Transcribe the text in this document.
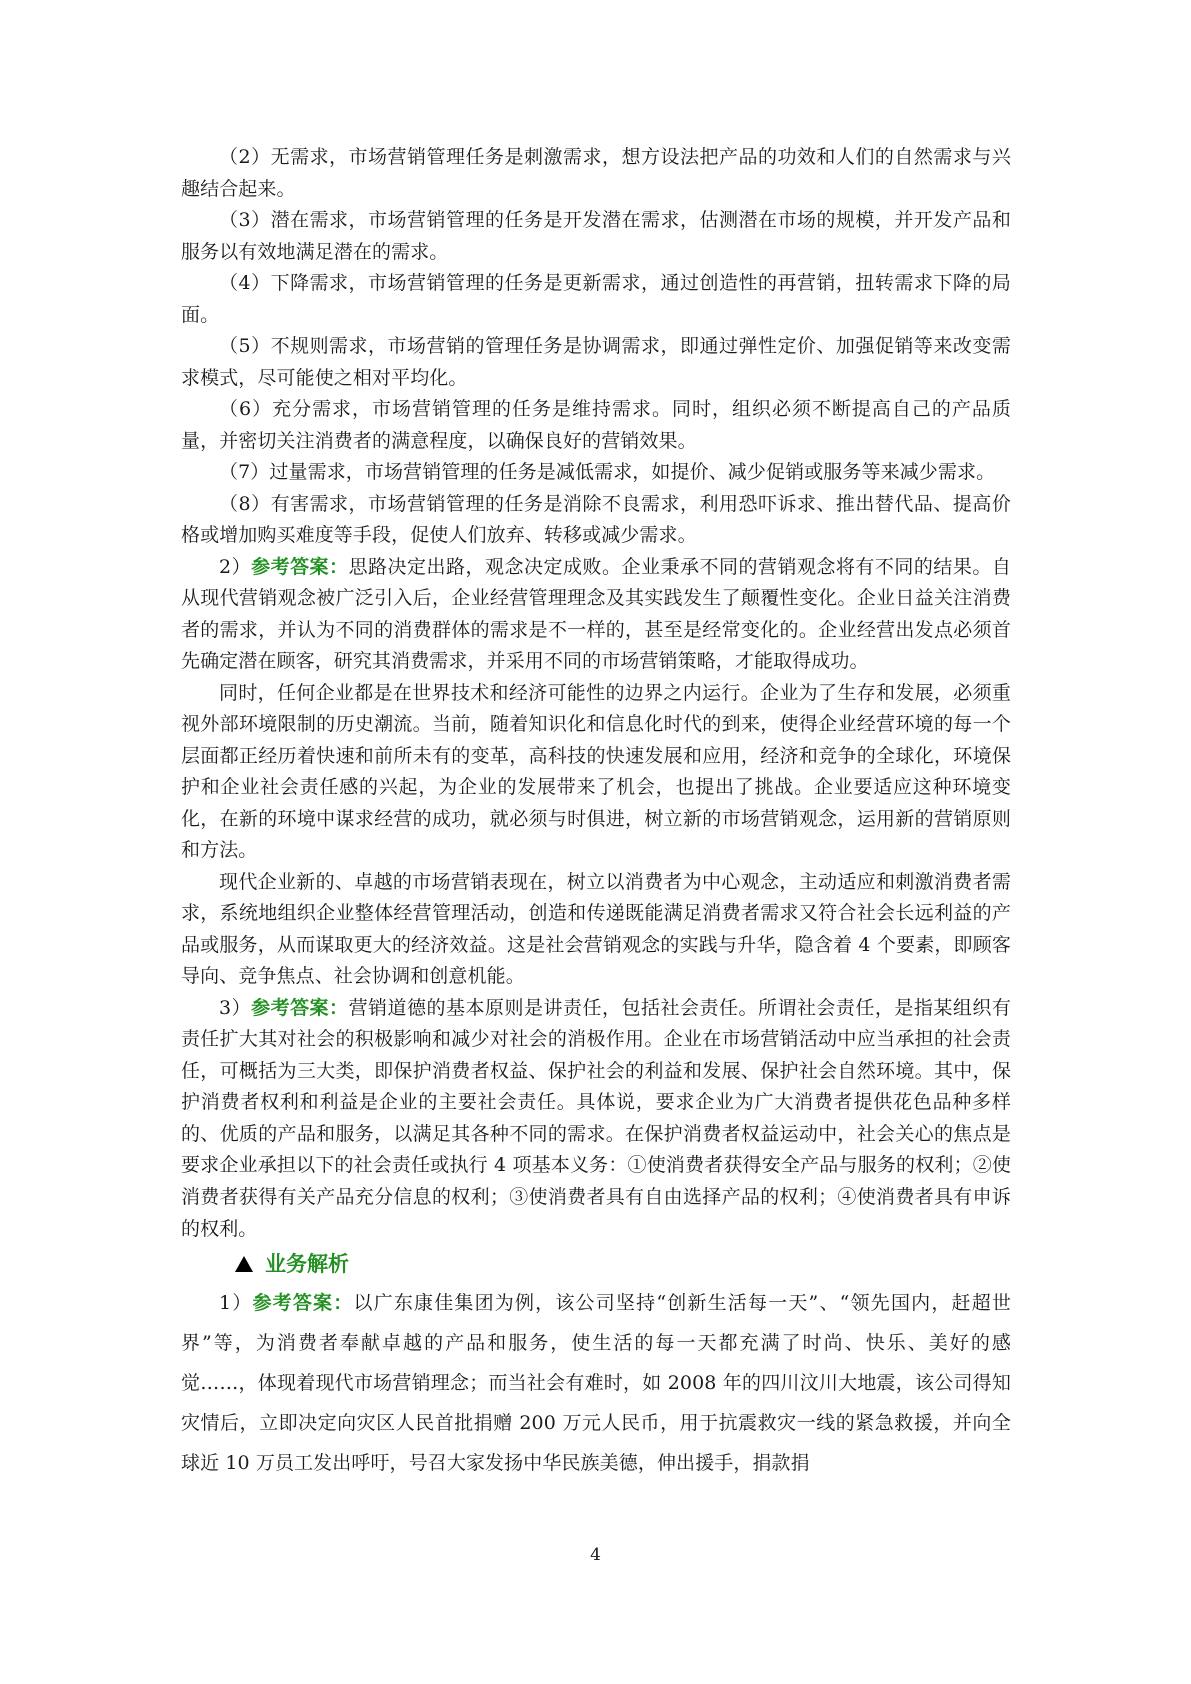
（2）无需求，市场营销管理任务是刺激需求，想方设法把产品的功效和人们的自然需求与兴趣结合起来。

（3）潜在需求，市场营销管理的任务是开发潜在需求，估测潜在市场的规模，并开发产品和服务以有效地满足潜在的需求。

（4）下降需求，市场营销管理的任务是更新需求，通过创造性的再营销，扭转需求下降的局面。

（5）不规则需求，市场营销的管理任务是协调需求，即通过弹性定价、加强促销等来改变需求模式，尽可能使之相对平均化。

（6）充分需求，市场营销管理的任务是维持需求。同时，组织必须不断提高自己的产品质量，并密切关注消费者的满意程度，以确保良好的营销效果。

（7）过量需求，市场营销管理的任务是减低需求，如提价、减少促销或服务等来减少需求。

（8）有害需求，市场营销管理的任务是消除不良需求，利用恐吓诉求、推出替代品、提高价格或增加购买难度等手段，促使人们放弃、转移或减少需求。

2）参考答案：思路决定出路，观念决定成败。企业秉承不同的营销观念将有不同的结果。自从现代营销观念被广泛引入后，企业经营管理理念及其实践发生了颠覆性变化。企业日益关注消费者的需求，并认为不同的消费群体的需求是不一样的，甚至是经常变化的。企业经营出发点必须首先确定潜在顾客，研究其消费需求，并采用不同的市场营销策略，才能取得成功。

同时，任何企业都是在世界技术和经济可能性的边界之内运行。企业为了生存和发展，必须重视外部环境限制的历史潮流。当前，随着知识化和信息化时代的到来，使得企业经营环境的每一个层面都正经历着快速和前所未有的变革，高科技的快速发展和应用，经济和竞争的全球化，环境保护和企业社会责任感的兴起，为企业的发展带来了机会，也提出了挑战。企业要适应这种环境变化，在新的环境中谋求经营的成功，就必须与时俱进，树立新的市场营销观念，运用新的营销原则和方法。

现代企业新的、卓越的市场营销表现在，树立以消费者为中心观念，主动适应和刺激消费者需求，系统地组织企业整体经营管理活动，创造和传递既能满足消费者需求又符合社会长远利益的产品或服务，从而谋取更大的经济效益。这是社会营销观念的实践与升华，隐含着 4 个要素，即顾客导向、竞争焦点、社会协调和创意机能。

3）参考答案：营销道德的基本原则是讲责任，包括社会责任。所谓社会责任，是指某组织有责任扩大其对社会的积极影响和减少对社会的消极作用。企业在市场营销活动中应当承担的社会责任，可概括为三大类，即保护消费者权益、保护社会的利益和发展、保护社会自然环境。其中，保护消费者权利和利益是企业的主要社会责任。具体说，要求企业为广大消费者提供花色品种多样的、优质的产品和服务，以满足其各种不同的需求。在保护消费者权益运动中，社会关心的焦点是要求企业承担以下的社会责任或执行 4 项基本义务：①使消费者获得安全产品与服务的权利；②使消费者获得有关产品充分信息的权利；③使消费者具有自由选择产品的权利；④使消费者具有申诉的权利。

业务解析

1）参考答案：以广东康佳集团为例，该公司坚持“创新生活每一天”、“领先国内，赶超世界”等，为消费者奉献卓越的产品和服务，使生活的每一天都充满了时尚、快乐、美好的感觉……，体现着现代市场营销理念；而当社会有难时，如 2008 年的四川汶川大地震，该公司得知灾情后，立即决定向灾区人民首批捐赠 200 万元人民币，用于抗震救灾一线的紧急救援，并向全球近 10 万员工发出呼吁，号召大家发扬中华民族美德，伸出援手，捐款捐

4
